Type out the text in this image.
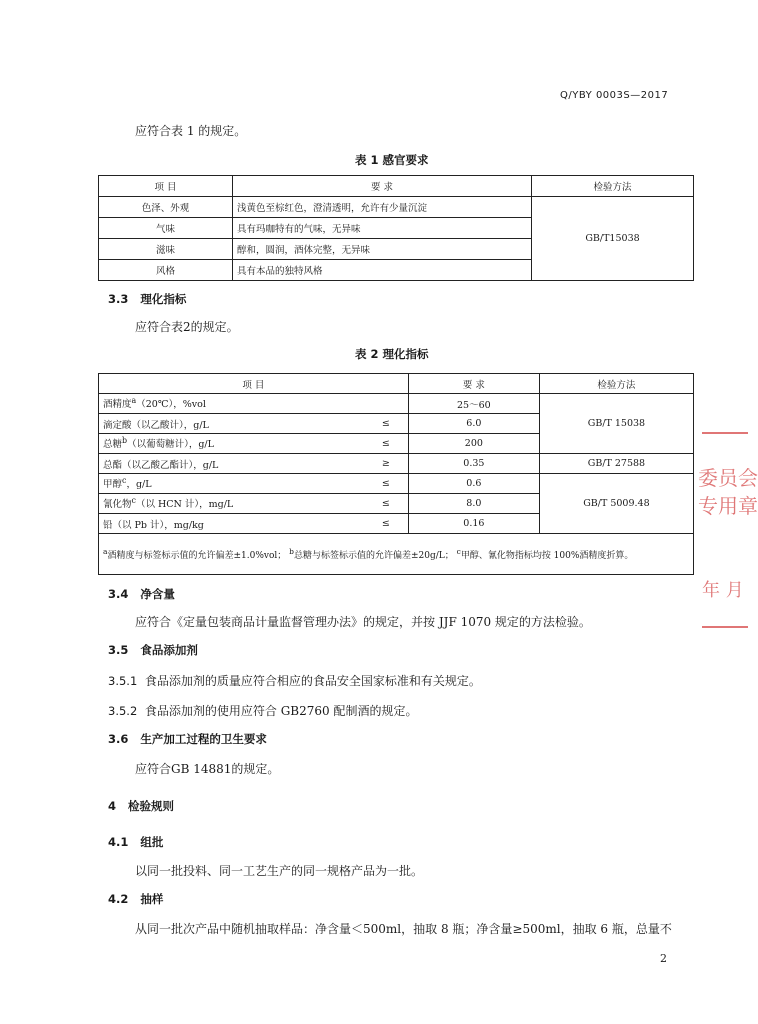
Q/YBY 0003S—2017
应符合表 1 的规定。
表 1 感官要求
项 目	要 求	检验方法
色泽、外观	浅黄色至棕红色，澄清透明，允许有少量沉淀	GB/T15038
气味	具有玛咖特有的气味，无异味	
滋味	醇和，圆润，酒体完整，无异味	
风格	具有本品的独特风格	
3.3 理化指标
应符合表2的规定。
表 2 理化指标
项 目		要 求	检验方法
酒精度$^a$（20℃），%vol		25～60	GB/T 15038
滴定酸（以乙酸计），g/L	≤	6.0	
总糖$^b$（以葡萄糖计），g/L	≤	200	
总酯（以乙酸乙酯计），g/L	≥	0.35	GB/T 27588
甲醇$^c$，g/L	≤	0.6	GB/T 5009.48
氰化物$^c$（以 HCN 计），mg/L	≤	8.0	
铅（以 Pb 计），mg/kg	≤	0.16	
$^a$酒精度与标签标示值的允许偏差±1.0%vol； $^b$总糖与标签标示值的允许偏差±20g/L； $^c$甲醇、氰化物指标均按 100%酒精度折算。			
3.4 净含量
应符合《定量包装商品计量监督管理办法》的规定，并按 JJF 1070 规定的方法检验。
3.5 食品添加剂
3.5.1 食品添加剂的质量应符合相应的食品安全国家标准和有关规定。
3.5.2 食品添加剂的使用应符合 GB2760 配制酒的规定。
3.6 生产加工过程的卫生要求
应符合GB 14881的规定。
4 检验规则
4.1 组批
以同一批投料、同一工艺生产的同一规格产品为一批。
4.2 抽样
从同一批次产品中随机抽取样品：净含量＜500ml，抽取 8 瓶；净含量≥500ml，抽取 6 瓶，总量不
2
委员会
专用章
年 月
